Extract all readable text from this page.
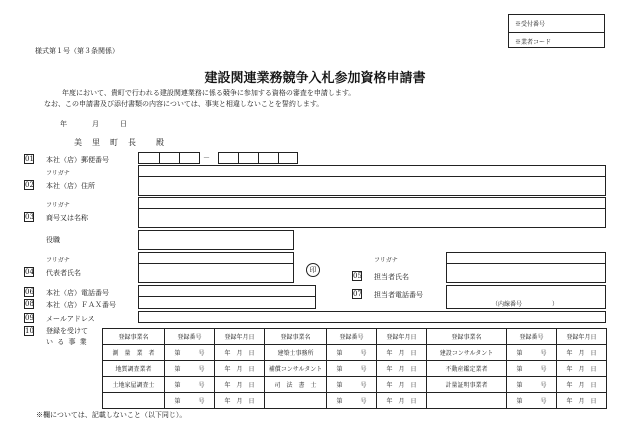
様式第１号（第３条関係）
※受付番号
※業者コード
建設関連業務競争入札参加資格申請書
年度において、貴町で行われる建設関連業務に係る競争に参加する資格の審査を申請します。
なお、この申請書及び添付書類の内容については、事実と相違しないことを誓約します。
年	月	日
美 里 町 長	殿
01 本社（店）郵便番号	－
フリガナ
02 本社（店）住所
フリガナ
03 商号又は名称
役職
フリガナ
04 代表者氏名	印
フリガナ
05 担当者氏名
06 本社（店）電話番号	07 担当者電話番号
（内線番号　　　　　）
08 本社（店）ＦＡＸ番号
09 メールアドレス
10 登録を受けて
い る 事 業
登録事業名	登録番号	登録年月日	登録事業名	登録番号	登録年月日	登録事業名	登録番号	登録年月日
測　量　業　者	第　　　号	年　月　日	建築士事務所	第　　　号	年　月　日	建設コンサルタント	第　　　号	年　月　日
地質調査業者	第　　　号	年　月　日	補償コンサルタント	第　　　号	年　月　日	不動産鑑定業者	第　　　号	年　月　日
土地家屋調査士	第　　　号	年　月　日	司　法　書　士	第　　　号	年　月　日	計量証明事業者	第　　　号	年　月　日
	第　　　号	年　月　日		第　　　号	年　月　日		第　　　号	年　月　日
※欄については、記載しないこと（以下同じ）。
